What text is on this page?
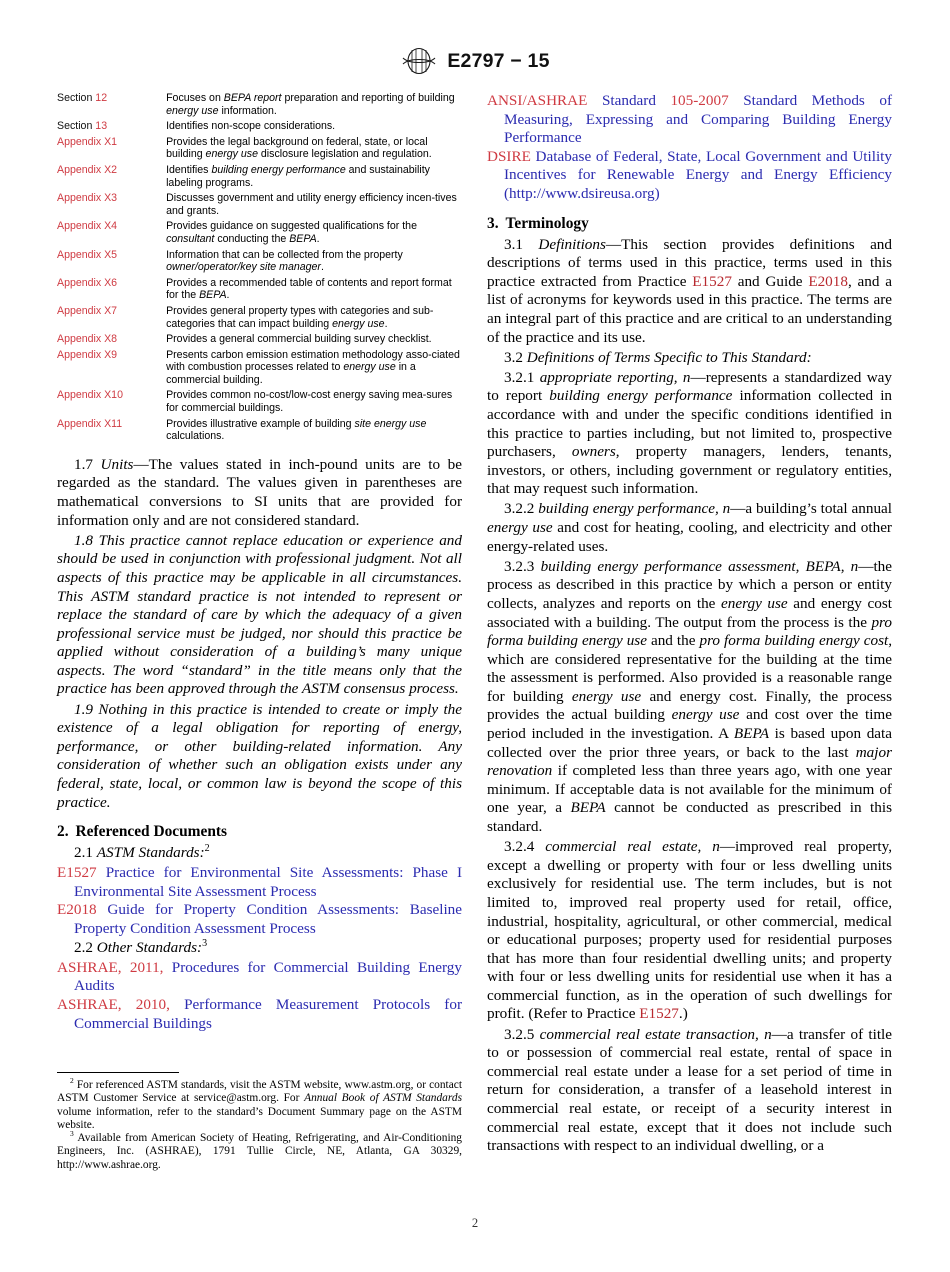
E2797 − 15
Section 12	Focuses on BEPA report preparation and reporting of building energy use information.
Section 13	Identifies non-scope considerations.
Appendix X1	Provides the legal background on federal, state, or local building energy use disclosure legislation and regulation.
Appendix X2	Identifies building energy performance and sustainability labeling programs.
Appendix X3	Discusses government and utility energy efficiency incen-tives and grants.
Appendix X4	Provides guidance on suggested qualifications for the consultant conducting the BEPA.
Appendix X5	Information that can be collected from the property owner/operator/key site manager.
Appendix X6	Provides a recommended table of contents and report format for the BEPA.
Appendix X7	Provides general property types with categories and sub-categories that can impact building energy use.
Appendix X8	Provides a general commercial building survey checklist.
Appendix X9	Presents carbon emission estimation methodology asso-ciated with combustion processes related to energy use in a commercial building.
Appendix X10	Provides common no-cost/low-cost energy saving mea-sures for commercial buildings.
Appendix X11	Provides illustrative example of building site energy use calculations.

1.7 Units—The values stated in inch-pound units are to be regarded as the standard. The values given in parentheses are mathematical conversions to SI units that are provided for information only and are not considered standard.

1.8 This practice cannot replace education or experience and should be used in conjunction with professional judgment. Not all aspects of this practice may be applicable in all circumstances. This ASTM standard practice is not intended to represent or replace the standard of care by which the adequacy of a given professional service must be judged, nor should this practice be applied without consideration of a building’s many unique aspects. The word “standard” in the title means only that the practice has been approved through the ASTM consensus process.

1.9 Nothing in this practice is intended to create or imply the existence of a legal obligation for reporting of energy, performance, or other building-related information. Any consideration of whether such an obligation exists under any federal, state, local, or common law is beyond the scope of this practice.

2. Referenced Documents

2.1 ASTM Standards:$^2$

E1527 Practice for Environmental Site Assessments: Phase I Environmental Site Assessment Process

E2018 Guide for Property Condition Assessments: Baseline Property Condition Assessment Process

2.2 Other Standards:$^3$

ASHRAE, 2011, Procedures for Commercial Building Energy Audits

ASHRAE, 2010, Performance Measurement Protocols for Commercial Buildings

ANSI/ASHRAE Standard 105-2007 Standard Methods of Measuring, Expressing and Comparing Building Energy Performance

DSIRE Database of Federal, State, Local Government and Utility Incentives for Renewable Energy and Energy Efficiency (http://www.dsireusa.org)

3. Terminology

3.1 Definitions—This section provides definitions and descriptions of terms used in this practice, terms used in this practice extracted from Practice E1527 and Guide E2018, and a list of acronyms for keywords used in this practice. The terms are an integral part of this practice and are critical to an understanding of the practice and its use.

3.2 Definitions of Terms Specific to This Standard:

3.2.1 appropriate reporting, n—represents a standardized way to report building energy performance information collected in accordance with and under the specific conditions identified in this practice to parties including, but not limited to, prospective purchasers, owners, property managers, lenders, tenants, investors, or others, including government or regulatory entities, that may request such information.

3.2.2 building energy performance, n—a building’s total annual energy use and cost for heating, cooling, and electricity and other energy-related uses.

3.2.3 building energy performance assessment, BEPA, n—the process as described in this practice by which a person or entity collects, analyzes and reports on the energy use and energy cost associated with a building. The output from the process is the pro forma building energy use and the pro forma building energy cost, which are considered representative for the building at the time the assessment is performed. Also provided is a reasonable range for building energy use and energy cost. Finally, the process provides the actual building energy use and cost over the time period included in the investigation. A BEPA is based upon data collected over the prior three years, or back to the last major renovation if completed less than three years ago, with one year minimum. If acceptable data is not available for the minimum of one year, a BEPA cannot be conducted as prescribed in this standard.

3.2.4 commercial real estate, n—improved real property, except a dwelling or property with four or less dwelling units exclusively for residential use. The term includes, but is not limited to, improved real property used for retail, office, industrial, hospitality, agricultural, or other commercial, medical or educational purposes; property used for residential purposes that has more than four residential dwelling units; and property with four or less dwelling units for residential use when it has a commercial function, as in the operation of such dwellings for profit. (Refer to Practice E1527.)

3.2.5 commercial real estate transaction, n—a transfer of title to or possession of commercial real estate, rental of space in commercial real estate under a lease for a set period of time in return for consideration, a transfer of a leasehold interest in commercial real estate, or receipt of a security interest in commercial real estate, except that it does not include such transactions with respect to an individual dwelling, or a

$^2$ For referenced ASTM standards, visit the ASTM website, www.astm.org, or contact ASTM Customer Service at service@astm.org. For Annual Book of ASTM Standards volume information, refer to the standard’s Document Summary page on the ASTM website.

$^3$ Available from American Society of Heating, Refrigerating, and Air-Conditioning Engineers, Inc. (ASHRAE), 1791 Tullie Circle, NE, Atlanta, GA 30329, http://www.ashrae.org.

2
